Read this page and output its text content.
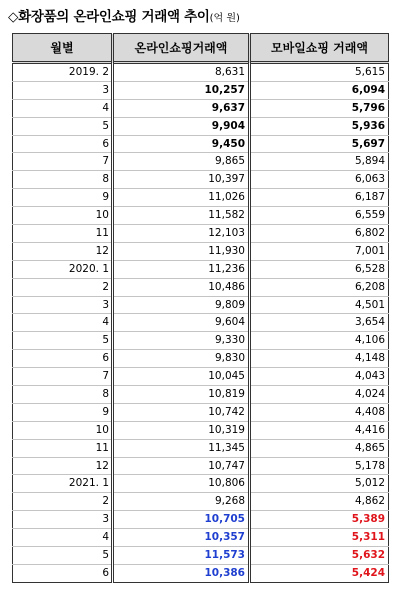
◇화장품의 온라인쇼핑 거래액 추이(억 원)
월별	온라인쇼핑거래액	모바일쇼핑 거래액
2019. 2	8,631	5,615
3	10,257	6,094
4	9,637	5,796
5	9,904	5,936
6	9,450	5,697
7	9,865	5,894
8	10,397	6,063
9	11,026	6,187
10	11,582	6,559
11	12,103	6,802
12	11,930	7,001
2020. 1	11,236	6,528
2	10,486	6,208
3	9,809	4,501
4	9,604	3,654
5	9,330	4,106
6	9,830	4,148
7	10,045	4,043
8	10,819	4,024
9	10,742	4,408
10	10,319	4,416
11	11,345	4,865
12	10,747	5,178
2021. 1	10,806	5,012
2	9,268	4,862
3	10,705	5,389
4	10,357	5,311
5	11,573	5,632
6	10,386	5,424
